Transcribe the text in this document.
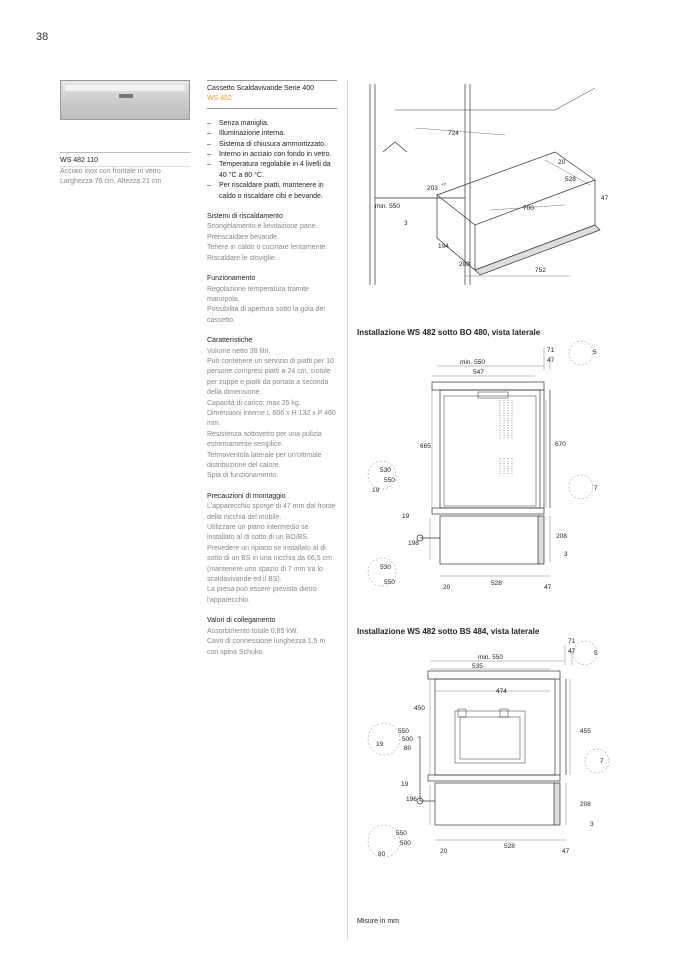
38
WS 482 110
Acciaio inox con frontale in vetro
Larghezza 76 cm, Altezza 21 cm
Cassetto Scaldavivande Serie 400
WS 482
– Senza maniglia.
– Illuminazione interna.
– Sistema di chiusura ammortizzato.
– Interno in acciaio con fondo in vetro.
– Temperatura regolabile in 4 livelli da 40 °C a 80 °C.
– Per riscaldare piatti, mantenere in caldo o riscaldare cibi e bevande.
Sistemi di riscaldamento
Scongelamento e lievitazione pane.
Preriscaldare bevande.
Tenere in caldo o cucinare lentamente.
Riscaldare le stoviglie.
Funzionamento
Regolazione temperatura tramite manopola.
Possibilità di apertura sotto la gola del cassetto.
Caratteristiche
Volume netto 38 litri.
Può contenere un servizio di piatti per 10 persone compresi piatti ø 24 cm, ciotole per zuppe e piatti da portata a seconda della dimensione.
Capacità di carico: max 25 kg.
Dimensioni interne L 606 x H 132 x P 460 mm.
Resistenza sottovetro per una pulizia estremamente semplice.
Termoventola laterale per un'ottimale distribuzione del calore.
Spia di funzionamento.
Precauzioni di montaggio
L'apparecchio sporge di 47 mm dal fronte della nicchia del mobile.
Utilizzare un piano intermedio se installato al di sotto di un BO/BS.
Prevedere un ripiano se installato al di sotto di un BS in una nicchia da 66,5 cm (mantenere uno spazio di 7 mm tra lo scaldavivande ed il BS).
La presa può essere prevista dietro l'apparecchio.
Valori di collegamento
Assorbimento totale 0,85 kW.
Cavo di connessione lunghezza 1,5 m con spina Schuko.
724
20
528
203
+7
47
min. 550	700
3
194
208
752
Installazione WS 482 sotto BO 480, vista laterale
71
47
min. 550
547
665	670
5
7
530
550
19
19
196
208
3
530
550
20
528
47
Installazione WS 482 sotto BS 484, vista laterale
71
47
min. 550
535
474
450
455
5
7
550
500
80
19
19
196
208
3
550
500
80	20
528
47
Misure in mm
